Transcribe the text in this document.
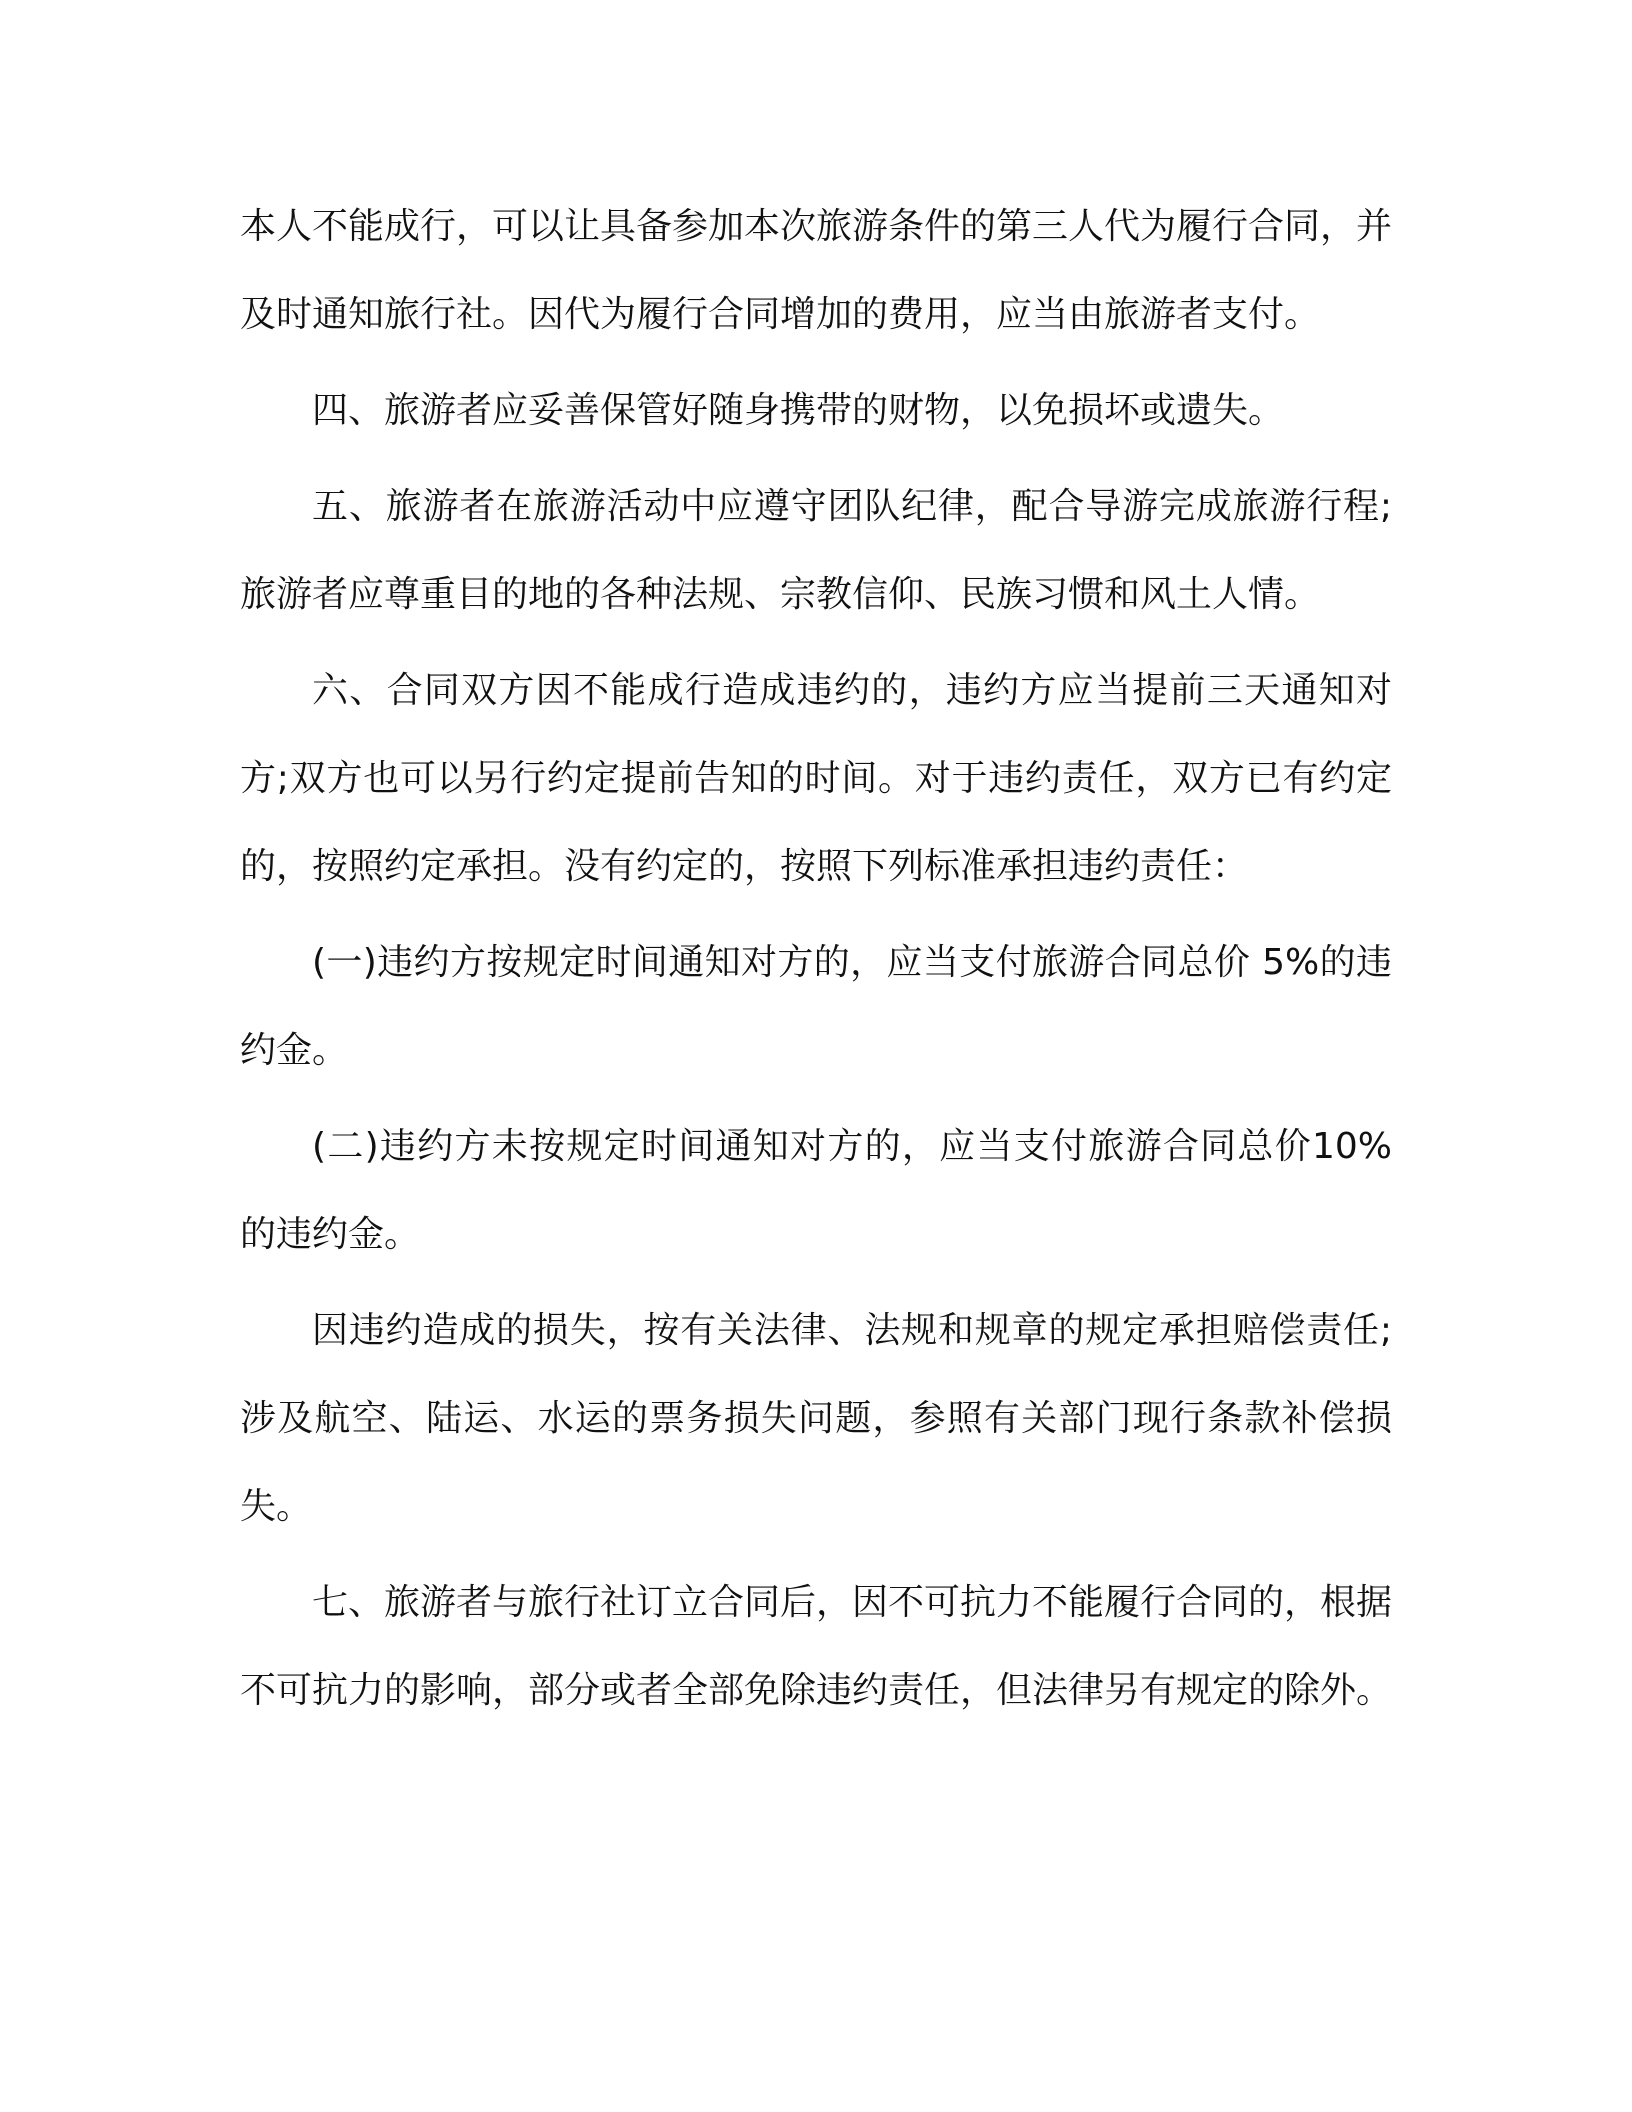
本人不能成行，可以让具备参加本次旅游条件的第三人代为履行合同，并及时通知旅行社。因代为履行合同增加的费用，应当由旅游者支付。

四、旅游者应妥善保管好随身携带的财物，以免损坏或遗失。

五、旅游者在旅游活动中应遵守团队纪律，配合导游完成旅游行程;旅游者应尊重目的地的各种法规、宗教信仰、民族习惯和风土人情。

六、合同双方因不能成行造成违约的，违约方应当提前三天通知对方;双方也可以另行约定提前告知的时间。对于违约责任，双方已有约定的，按照约定承担。没有约定的，按照下列标准承担违约责任：

(一)违约方按规定时间通知对方的，应当支付旅游合同总价 5%的违约金。

(二)违约方未按规定时间通知对方的，应当支付旅游合同总价10%的违约金。

因违约造成的损失，按有关法律、法规和规章的规定承担赔偿责任;涉及航空、陆运、水运的票务损失问题，参照有关部门现行条款补偿损失。

七、旅游者与旅行社订立合同后，因不可抗力不能履行合同的，根据不可抗力的影响，部分或者全部免除违约责任，但法律另有规定的除外。
